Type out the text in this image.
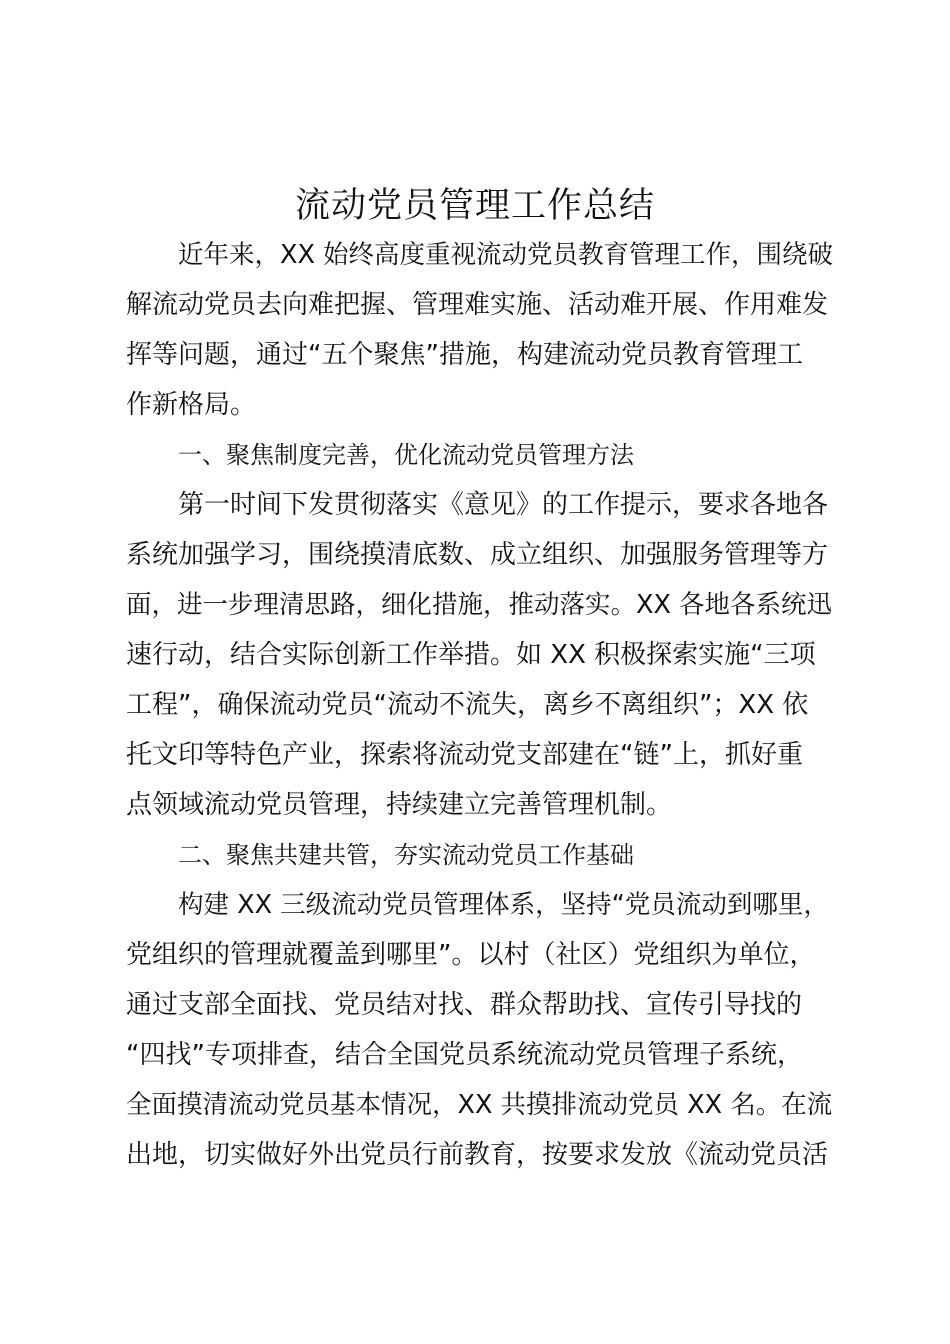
流动党员管理工作总结
近年来，XX 始终高度重视流动党员教育管理工作，围绕破
解流动党员去向难把握、管理难实施、活动难开展、作用难发
挥等问题，通过“五个聚焦”措施，构建流动党员教育管理工
作新格局。
一、聚焦制度完善，优化流动党员管理方法
第一时间下发贯彻落实《意见》的工作提示，要求各地各
系统加强学习，围绕摸清底数、成立组织、加强服务管理等方
面，进一步理清思路，细化措施，推动落实。XX 各地各系统迅
速行动，结合实际创新工作举措。如 XX 积极探索实施“三项
工程”，确保流动党员“流动不流失，离乡不离组织”；XX 依
托文印等特色产业，探索将流动党支部建在“链”上，抓好重
点领域流动党员管理，持续建立完善管理机制。
二、聚焦共建共管，夯实流动党员工作基础
构建 XX 三级流动党员管理体系，坚持“党员流动到哪里，
党组织的管理就覆盖到哪里”。以村（社区）党组织为单位，
通过支部全面找、党员结对找、群众帮助找、宣传引导找的
“四找”专项排查，结合全国党员系统流动党员管理子系统，
全面摸清流动党员基本情况，XX 共摸排流动党员 XX 名。在流
出地，切实做好外出党员行前教育，按要求发放《流动党员活
